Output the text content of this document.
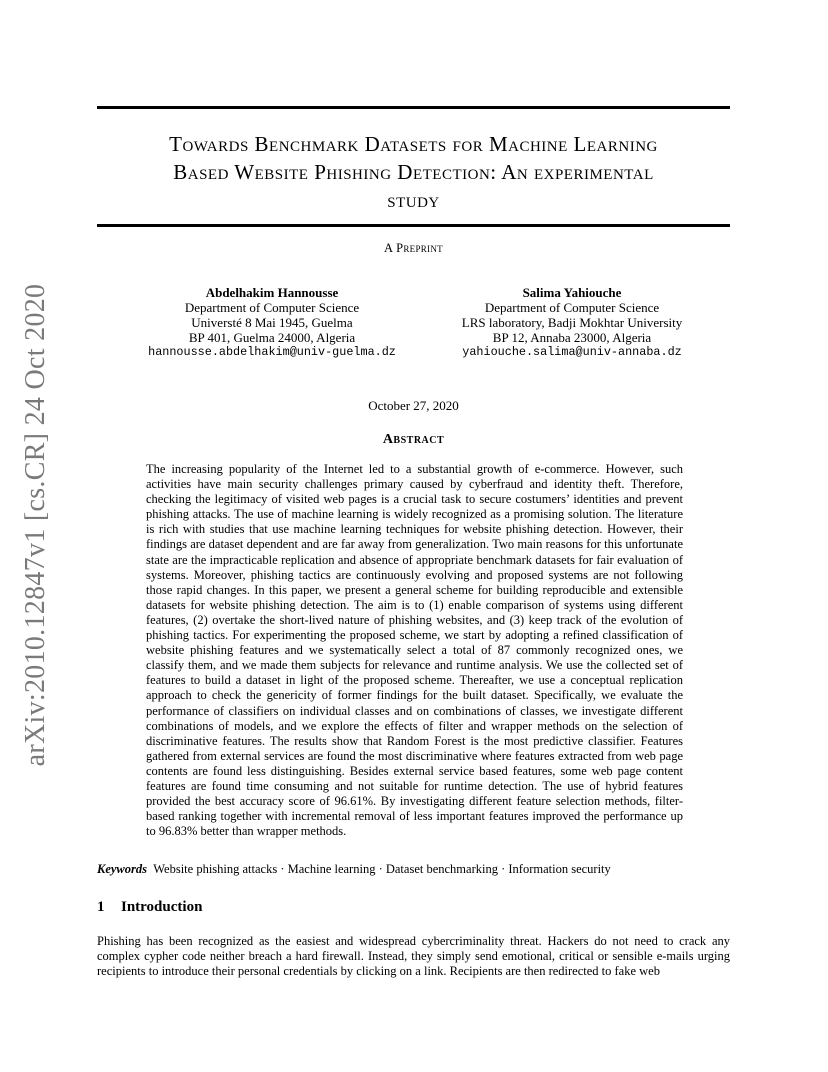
arXiv:2010.12847v1 [cs.CR] 24 Oct 2020
Towards Benchmark Datasets for Machine Learning
Based Website Phishing Detection: An experimental
study
A Preprint
Abdelhakim Hannousse
Department of Computer Science
Universté 8 Mai 1945, Guelma
BP 401, Guelma 24000, Algeria
hannousse.abdelhakim@univ-guelma.dz
Salima Yahiouche
Department of Computer Science
LRS laboratory, Badji Mokhtar University
BP 12, Annaba 23000, Algeria
yahiouche.salima@univ-annaba.dz
October 27, 2020
Abstract
The increasing popularity of the Internet led to a substantial growth of e-commerce. However, such activities have main security challenges primary caused by cyberfraud and identity theft. Therefore, checking the legitimacy of visited web pages is a crucial task to secure costumers’ identities and prevent phishing attacks. The use of machine learning is widely recognized as a promising solution. The literature is rich with studies that use machine learning techniques for website phishing detection. However, their findings are dataset dependent and are far away from generalization. Two main reasons for this unfortunate state are the impracticable replication and absence of appropriate benchmark datasets for fair evaluation of systems. Moreover, phishing tactics are continuously evolving and proposed systems are not following those rapid changes. In this paper, we present a general scheme for building reproducible and extensible datasets for website phishing detection. The aim is to (1) enable comparison of systems using different features, (2) overtake the short-lived nature of phishing websites, and (3) keep track of the evolution of phishing tactics. For experimenting the proposed scheme, we start by adopting a refined classification of website phishing features and we systematically select a total of 87 commonly recognized ones, we classify them, and we made them subjects for relevance and runtime analysis. We use the collected set of features to build a dataset in light of the proposed scheme. Thereafter, we use a conceptual replication approach to check the genericity of former findings for the built dataset. Specifically, we evaluate the performance of classifiers on individual classes and on combinations of classes, we investigate different combinations of models, and we explore the effects of filter and wrapper methods on the selection of discriminative features. The results show that Random Forest is the most predictive classifier. Features gathered from external services are found the most discriminative where features extracted from web page contents are found less distinguishing. Besides external service based features, some web page content features are found time consuming and not suitable for runtime detection. The use of hybrid features provided the best accuracy score of 96.61%. By investigating different feature selection methods, filter-based ranking together with incremental removal of less important features improved the performance up to 96.83% better than wrapper methods.
Keywords Website phishing attacks · Machine learning · Dataset benchmarking · Information security
1 Introduction
Phishing has been recognized as the easiest and widespread cybercriminality threat. Hackers do not need to crack any complex cypher code neither breach a hard firewall. Instead, they simply send emotional, critical or sensible e-mails urging recipients to introduce their personal credentials by clicking on a link. Recipients are then redirected to fake web
